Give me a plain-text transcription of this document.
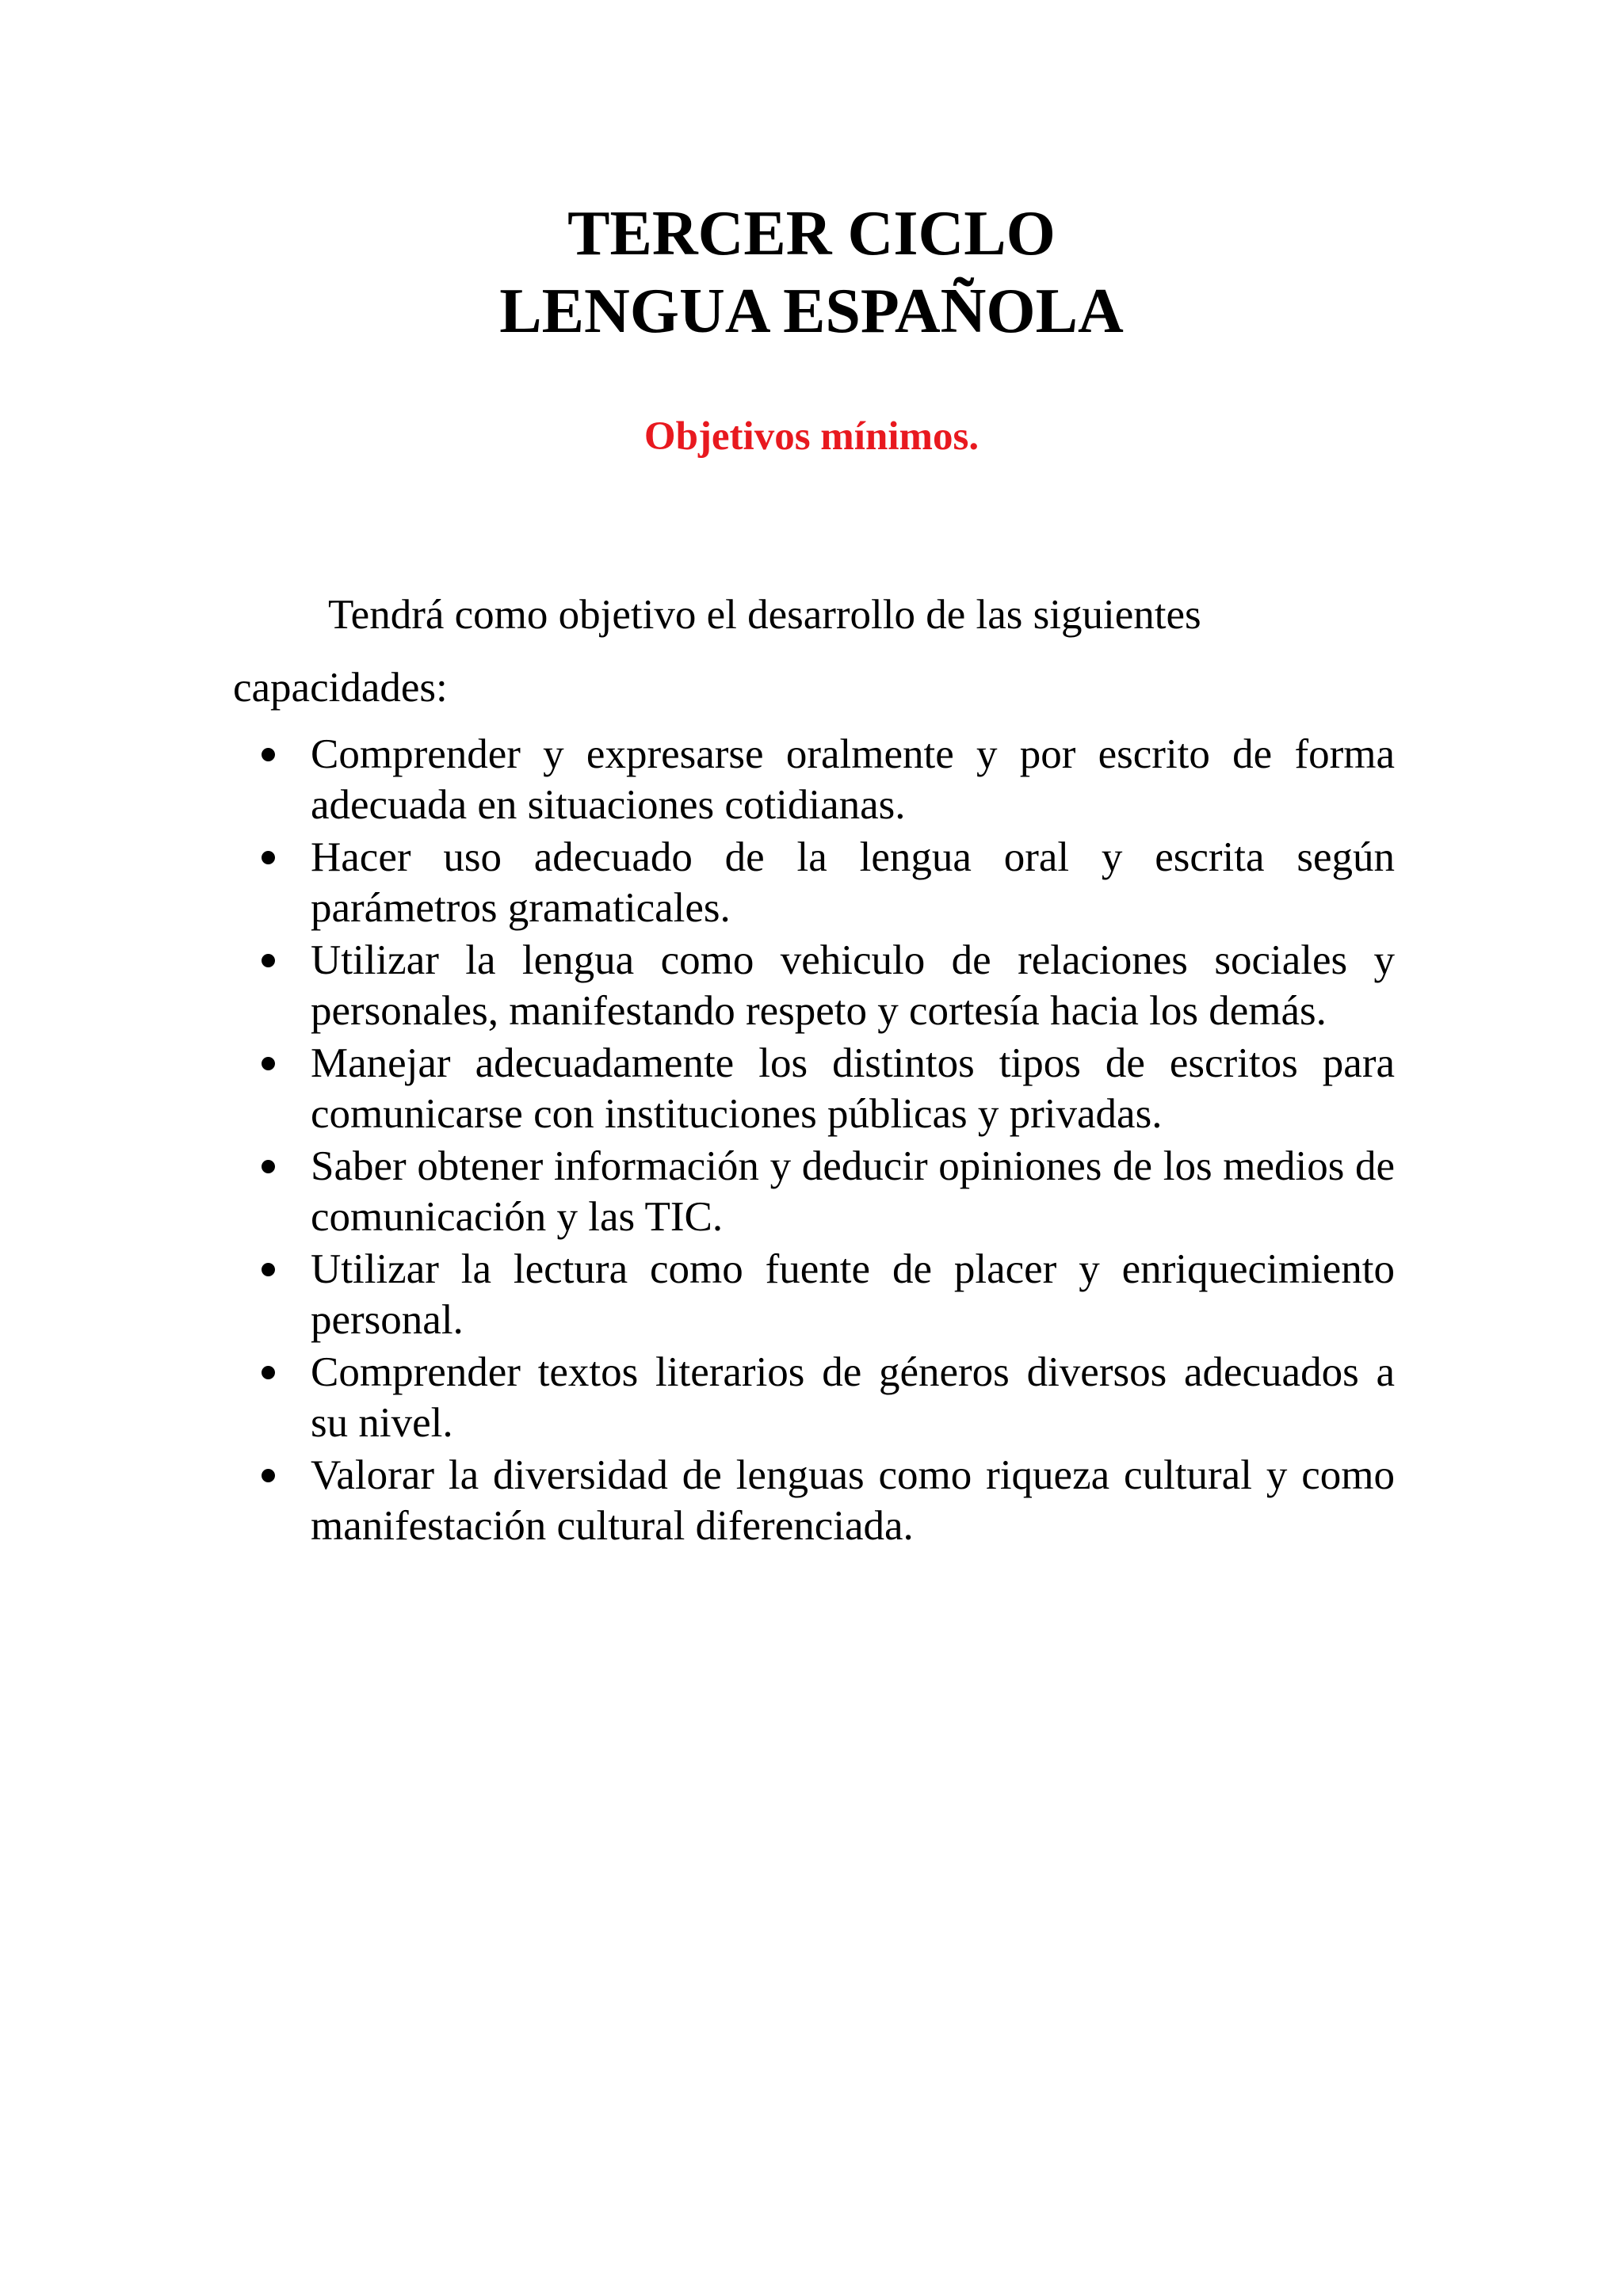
TERCER CICLO
LENGUA ESPAÑOLA
Objetivos mínimos.
Tendrá como objetivo el desarrollo de las siguientes capacidades:
Comprender y expresarse oralmente y por escrito de forma adecuada en situaciones cotidianas.
Hacer uso adecuado de la lengua oral y escrita según parámetros gramaticales.
Utilizar la lengua como vehiculo de relaciones sociales y personales, manifestando respeto y cortesía hacia los demás.
Manejar adecuadamente los distintos tipos de escritos para comunicarse con instituciones públicas y privadas.
Saber obtener información y deducir opiniones de los medios de comunicación y las TIC.
Utilizar la lectura como fuente de placer y enriquecimiento personal.
Comprender textos literarios de géneros diversos adecuados a su nivel.
Valorar la diversidad de lenguas como riqueza cultural y como manifestación cultural diferenciada.
